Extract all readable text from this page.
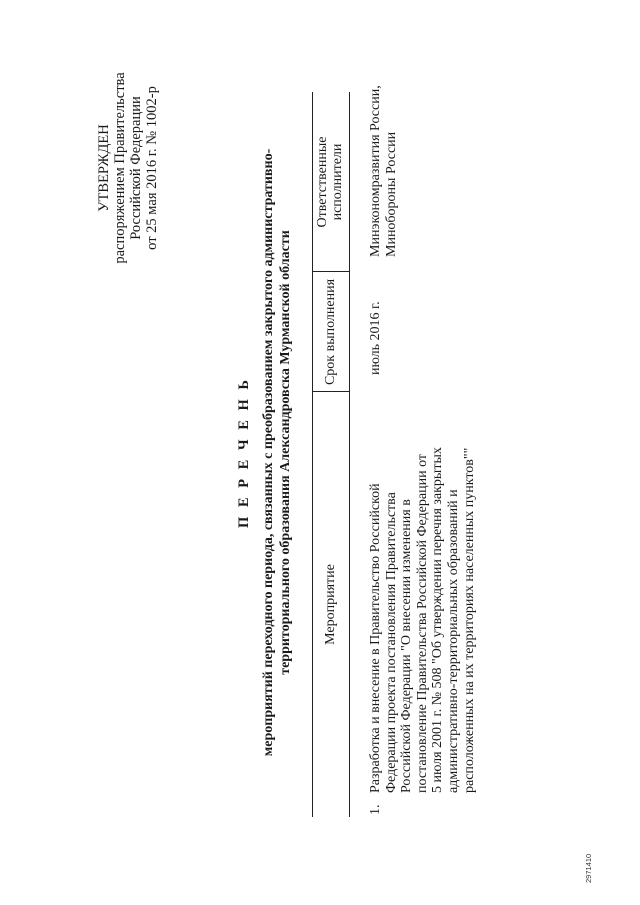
УТВЕРЖДЕН распоряжением Правительства Российской Федерации от 25 мая 2016 г. № 1002-р
2971410
П Е Р Е Ч Е Н Ь мероприятий переходного периода, связанных с преобразованием закрытого административно- территориального образования Александровска Мурманской области	Мероприятие
Срок выполнения
Ответственные исполнители
1.
Разработка и внесение в Правительство Российской Федерации проекта постановления Правительства Российской Федерации "О внесении изменения в постановление Правительства Российской Федерации от 5 июля 2001 г. № 508 "Об утверждении перечня закрытых административно-территориальных образований и расположенных на их территориях населенных пунктов""
июль 2016 г.
Минэкономразвития России, Минобороны России
